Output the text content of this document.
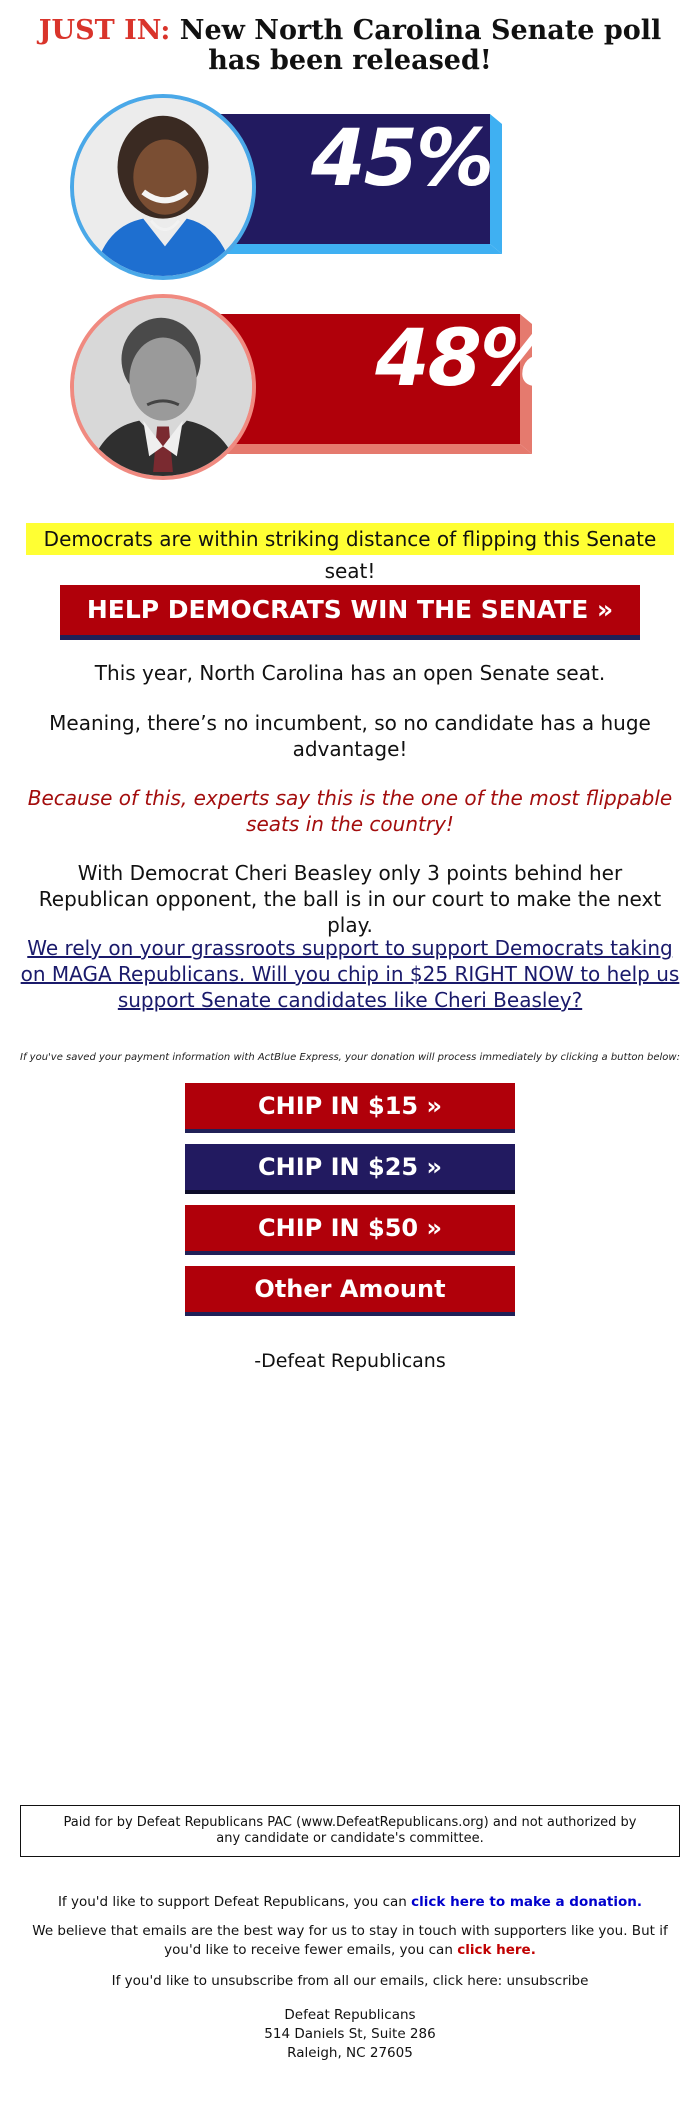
JUST IN: New North Carolina Senate poll has been released!
45%
48%
Democrats are within striking distance of flipping this Senate seat!
HELP DEMOCRATS WIN THE SENATE »
This year, North Carolina has an open Senate seat.
Meaning, there’s no incumbent, so no candidate has a huge advantage!
Because of this, experts say this is the one of the most flippable seats in the country!
With Democrat Cheri Beasley only 3 points behind her Republican opponent, the ball is in our court to make the next play.
We rely on your grassroots support to support Democrats taking on MAGA Republicans. Will you chip in $25 RIGHT NOW to help us support Senate candidates like Cheri Beasley?
If you've saved your payment information with ActBlue Express, your donation will process immediately by clicking a button below:
CHIP IN $15 »
CHIP IN $25 »
CHIP IN $50 »
Other Amount
-Defeat Republicans
Paid for by Defeat Republicans PAC (www.DefeatRepublicans.org) and not authorized by any candidate or candidate's committee.
If you'd like to support Defeat Republicans, you can click here to make a donation.
We believe that emails are the best way for us to stay in touch with supporters like you. But if you'd like to receive fewer emails, you can click here.
If you'd like to unsubscribe from all our emails, click here: unsubscribe
Defeat Republicans
514 Daniels St, Suite 286
Raleigh, NC 27605
